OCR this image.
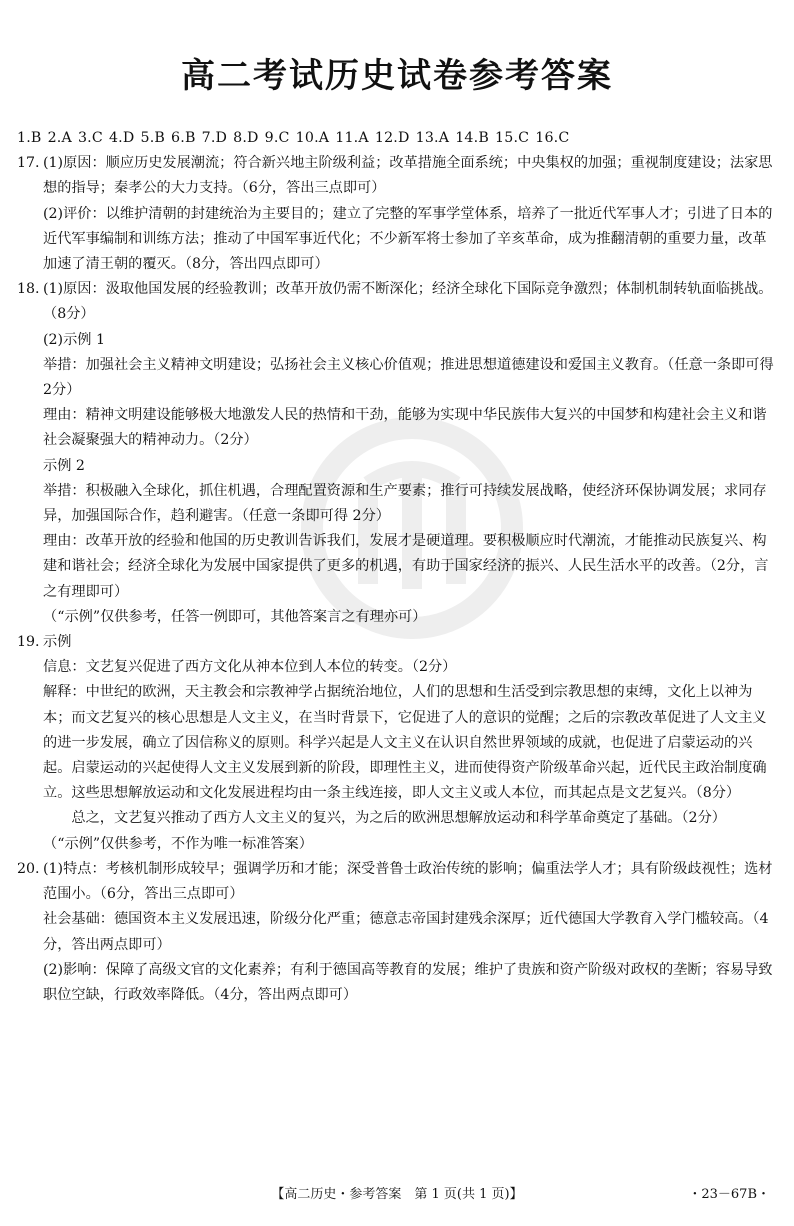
高二考试历史试卷参考答案

1.B 2.A 3.C 4.D 5.B 6.B 7.D 8.D 9.C 10.A 11.A 12.D 13.A 14.B 15.C 16.C

17. (1)原因：顺应历史发展潮流；符合新兴地主阶级利益；改革措施全面系统；中央集权的加强；重视制度建设；法家思想的指导；秦孝公的大力支持。（6分，答出三点即可）

(2)评价：以维护清朝的封建统治为主要目的；建立了完整的军事学堂体系，培养了一批近代军事人才；引进了日本的近代军事编制和训练方法；推动了中国军事近代化；不少新军将士参加了辛亥革命，成为推翻清朝的重要力量，改革加速了清王朝的覆灭。（8分，答出四点即可）

18. (1)原因：汲取他国发展的经验教训；改革开放仍需不断深化；经济全球化下国际竞争激烈；体制机制转轨面临挑战。（8分）

(2)示例 1

举措：加强社会主义精神文明建设；弘扬社会主义核心价值观；推进思想道德建设和爱国主义教育。（任意一条即可得 2分）

理由：精神文明建设能够极大地激发人民的热情和干劲，能够为实现中华民族伟大复兴的中国梦和构建社会主义和谐社会凝聚强大的精神动力。（2分）

示例 2

举措：积极融入全球化，抓住机遇，合理配置资源和生产要素；推行可持续发展战略，使经济环保协调发展；求同存异，加强国际合作，趋利避害。（任意一条即可得 2分）

理由：改革开放的经验和他国的历史教训告诉我们，发展才是硬道理。要积极顺应时代潮流，才能推动民族复兴、构建和谐社会；经济全球化为发展中国家提供了更多的机遇，有助于国家经济的振兴、人民生活水平的改善。（2分，言之有理即可）

（“示例”仅供参考，任答一例即可，其他答案言之有理亦可）

19. 示例

信息：文艺复兴促进了西方文化从神本位到人本位的转变。（2分）

解释：中世纪的欧洲，天主教会和宗教神学占据统治地位，人们的思想和生活受到宗教思想的束缚，文化上以神为本；而文艺复兴的核心思想是人文主义，在当时背景下，它促进了人的意识的觉醒；之后的宗教改革促进了人文主义的进一步发展，确立了因信称义的原则。科学兴起是人文主义在认识自然世界领域的成就，也促进了启蒙运动的兴起。启蒙运动的兴起使得人文主义发展到新的阶段，即理性主义，进而使得资产阶级革命兴起，近代民主政治制度确立。这些思想解放运动和文化发展进程均由一条主线连接，即人文主义或人本位，而其起点是文艺复兴。（8分）

总之，文艺复兴推动了西方人文主义的复兴，为之后的欧洲思想解放运动和科学革命奠定了基础。（2分）

（“示例”仅供参考，不作为唯一标准答案）

20. (1)特点：考核机制形成较早；强调学历和才能；深受普鲁士政治传统的影响；偏重法学人才；具有阶级歧视性；选材范围小。（6分，答出三点即可）

社会基础：德国资本主义发展迅速，阶级分化严重；德意志帝国封建残余深厚；近代德国大学教育入学门槛较高。（4分，答出两点即可）

(2)影响：保障了高级文官的文化素养；有利于德国高等教育的发展；维护了贵族和资产阶级对政权的垄断；容易导致职位空缺，行政效率降低。（4分，答出两点即可）

【高二历史・参考答案　第 1 页(共 1 页)】	・23－67B・
